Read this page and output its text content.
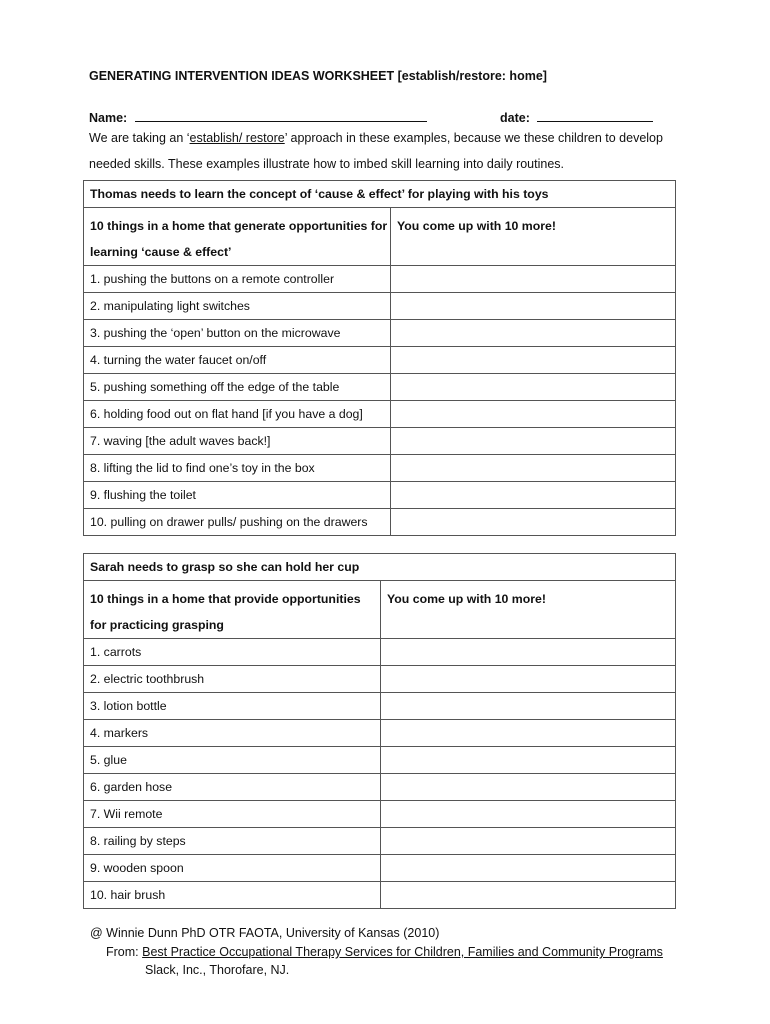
GENERATING INTERVENTION IDEAS WORKSHEET [establish/restore: home]
Name:	date:
We are taking an ‘establish/ restore’ approach in these examples, because we these children to develop
needed skills. These examples illustrate how to imbed skill learning into daily routines.
Thomas needs to learn the concept of ‘cause & effect’ for playing with his toys	
10 things in a home that generate opportunities for learning ‘cause & effect’	You come up with 10 more!
1. pushing the buttons on a remote controller	
2. manipulating light switches	
3. pushing the ‘open’ button on the microwave	
4. turning the water faucet on/off	
5. pushing something off the edge of the table	
6. holding food out on flat hand [if you have a dog]	
7. waving [the adult waves back!]	
8. lifting the lid to find one’s toy in the box	
9. flushing the toilet	
10. pulling on drawer pulls/ pushing on the drawers	
Sarah needs to grasp so she can hold her cup	
10 things in a home that provide opportunities for practicing grasping	You come up with 10 more!
1. carrots	
2. electric toothbrush	
3. lotion bottle	
4. markers	
5. glue	
6. garden hose	
7. Wii remote	
8. railing by steps	
9. wooden spoon	
10. hair brush	
@ Winnie Dunn PhD OTR FAOTA, University of Kansas (2010)
From: Best Practice Occupational Therapy Services for Children, Families and Community Programs
Slack, Inc., Thorofare, NJ.
